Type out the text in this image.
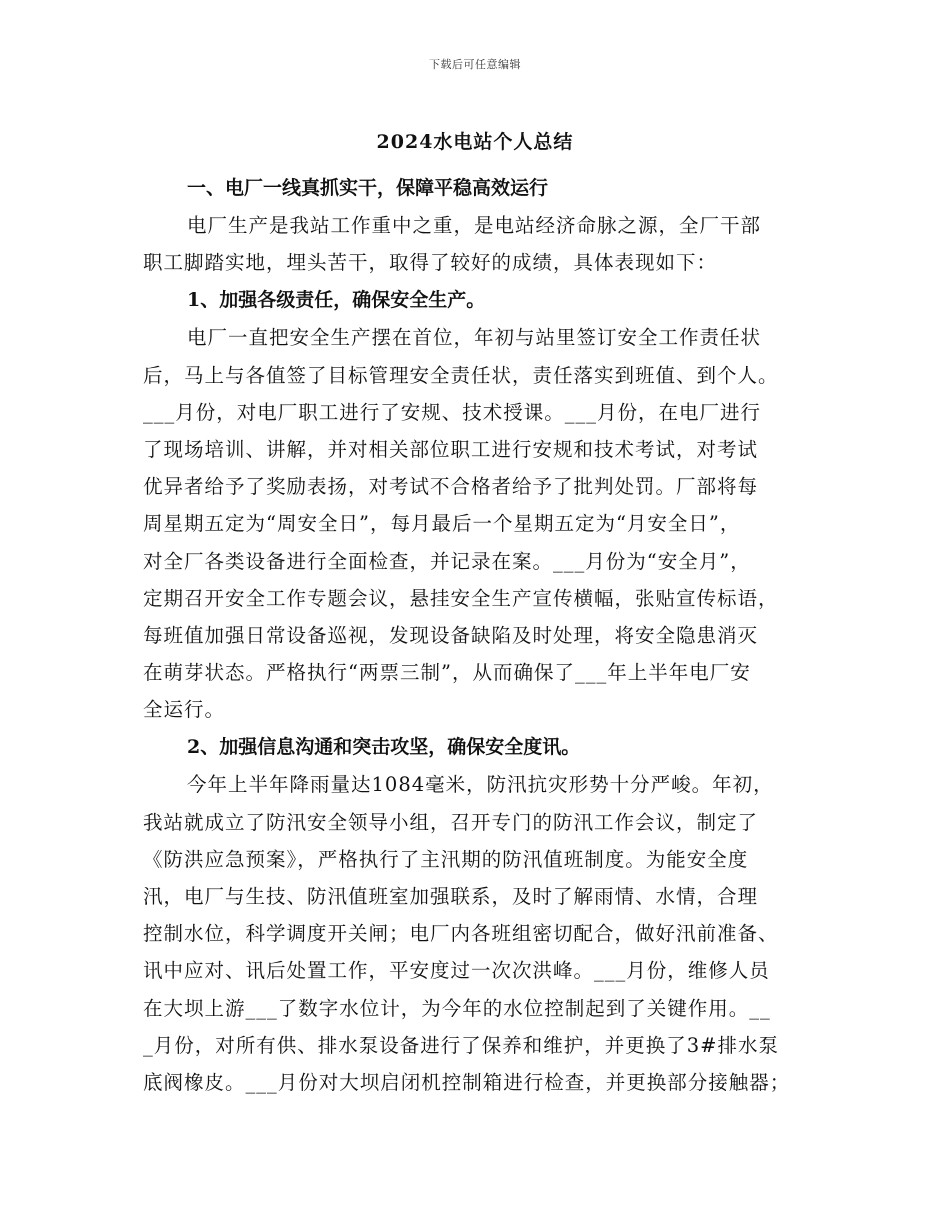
下载后可任意编辑
2024水电站个人总结

一、电厂一线真抓实干，保障平稳高效运行

电厂生产是我站工作重中之重，是电站经济命脉之源，全厂干部
职工脚踏实地，埋头苦干，取得了较好的成绩，具体表现如下：

1、加强各级责任，确保安全生产。

电厂一直把安全生产摆在首位，年初与站里签订安全工作责任状
后，马上与各值签了目标管理安全责任状，责任落实到班值、到个人。
___月份，对电厂职工进行了安规、技术授课。___月份，在电厂进行
了现场培训、讲解，并对相关部位职工进行安规和技术考试，对考试
优异者给予了奖励表扬，对考试不合格者给予了批判处罚。厂部将每
周星期五定为“周安全日”，每月最后一个星期五定为“月安全日”，
对全厂各类设备进行全面检查，并记录在案。___月份为“安全月”，
定期召开安全工作专题会议，悬挂安全生产宣传横幅，张贴宣传标语，
每班值加强日常设备巡视，发现设备缺陷及时处理，将安全隐患消灭
在萌芽状态。严格执行“两票三制”，从而确保了___年上半年电厂安
全运行。

2、加强信息沟通和突击攻坚，确保安全度讯。

今年上半年降雨量达1084毫米，防汛抗灾形势十分严峻。年初，
我站就成立了防汛安全领导小组，召开专门的防汛工作会议，制定了
《防洪应急预案》，严格执行了主汛期的防汛值班制度。为能安全度
汛，电厂与生技、防汛值班室加强联系，及时了解雨情、水情，合理
控制水位，科学调度开关闸；电厂内各班组密切配合，做好汛前准备、
讯中应对、讯后处置工作，平安度过一次次洪峰。___月份，维修人员
在大坝上游___了数字水位计，为今年的水位控制起到了关键作用。__
_月份，对所有供、排水泵设备进行了保养和维护，并更换了3#排水泵
底阀橡皮。___月份对大坝启闭机控制箱进行检查，并更换部分接触器；
